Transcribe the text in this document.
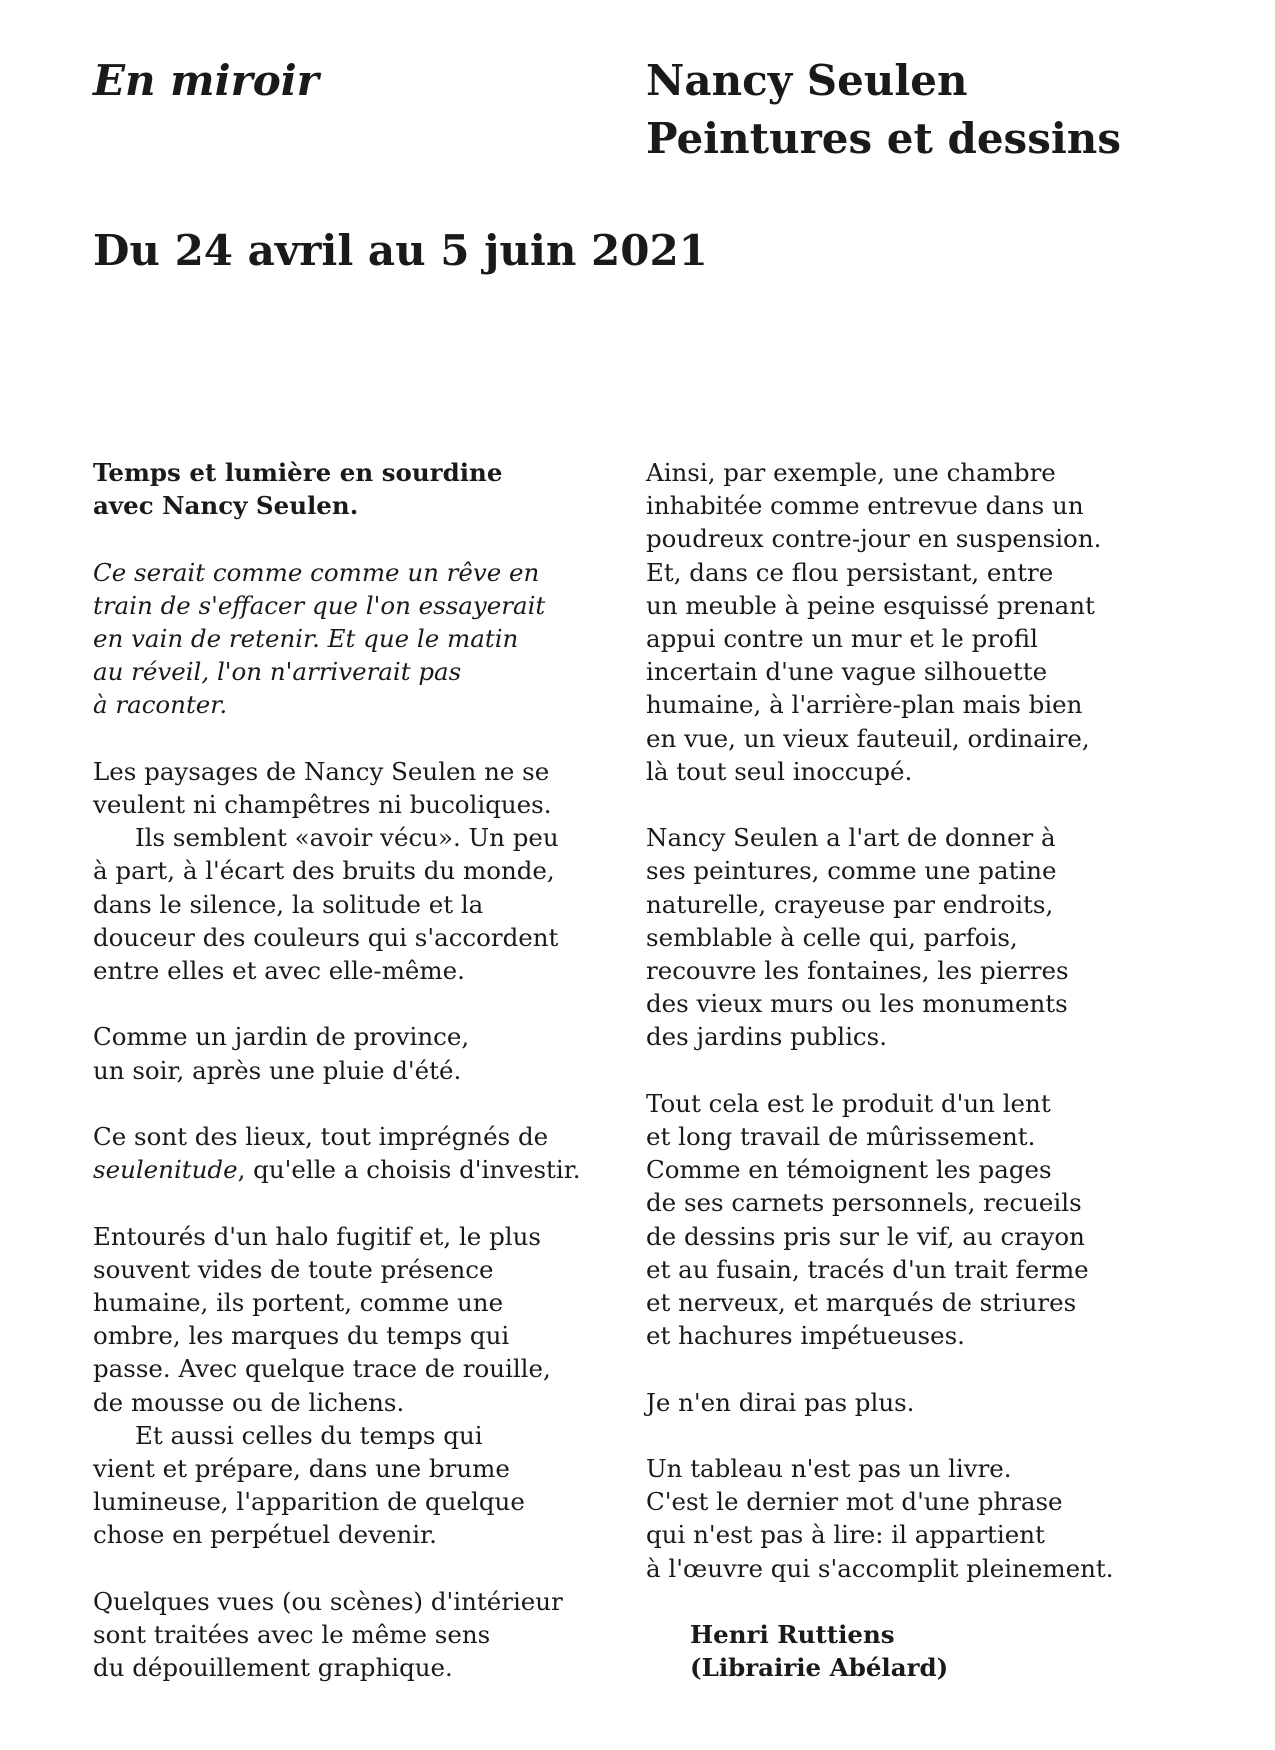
En miroir	Nancy Seulen
Peintures et dessins
Du 24 avril au 5 juin 2021
Temps et lumière en sourdine
avec Nancy Seulen.
Ce serait comme comme un rêve en
train de s'effacer que l'on essayerait
en vain de retenir. Et que le matin
au réveil, l'on n'arriverait pas
à raconter.
Les paysages de Nancy Seulen ne se
veulent ni champêtres ni bucoliques.
Ils semblent «avoir vécu». Un peu
à part, à l'écart des bruits du monde,
dans le silence, la solitude et la
douceur des couleurs qui s'accordent
entre elles et avec elle-même.
Comme un jardin de province,
un soir, après une pluie d'été.
Ce sont des lieux, tout imprégnés de
seulenitude, qu'elle a choisis d'investir.
Entourés d'un halo fugitif et, le plus
souvent vides de toute présence
humaine, ils portent, comme une
ombre, les marques du temps qui
passe. Avec quelque trace de rouille,
de mousse ou de lichens.
Et aussi celles du temps qui
vient et prépare, dans une brume
lumineuse, l'apparition de quelque
chose en perpétuel devenir.
Quelques vues (ou scènes) d'intérieur
sont traitées avec le même sens
du dépouillement graphique.
Ainsi, par exemple, une chambre
inhabitée comme entrevue dans un
poudreux contre-jour en suspension.
Et, dans ce flou persistant, entre
un meuble à peine esquissé prenant
appui contre un mur et le profil
incertain d'une vague silhouette
humaine, à l'arrière-plan mais bien
en vue, un vieux fauteuil, ordinaire,
là tout seul inoccupé.
Nancy Seulen a l'art de donner à
ses peintures, comme une patine
naturelle, crayeuse par endroits,
semblable à celle qui, parfois,
recouvre les fontaines, les pierres
des vieux murs ou les monuments
des jardins publics.
Tout cela est le produit d'un lent
et long travail de mûrissement.
Comme en témoignent les pages
de ses carnets personnels, recueils
de dessins pris sur le vif, au crayon
et au fusain, tracés d'un trait ferme
et nerveux, et marqués de striures
et hachures impétueuses.
Je n'en dirai pas plus.
Un tableau n'est pas un livre.
C'est le dernier mot d'une phrase
qui n'est pas à lire: il appartient
à l'œuvre qui s'accomplit pleinement.
Henri Ruttiens
(Librairie Abélard)
